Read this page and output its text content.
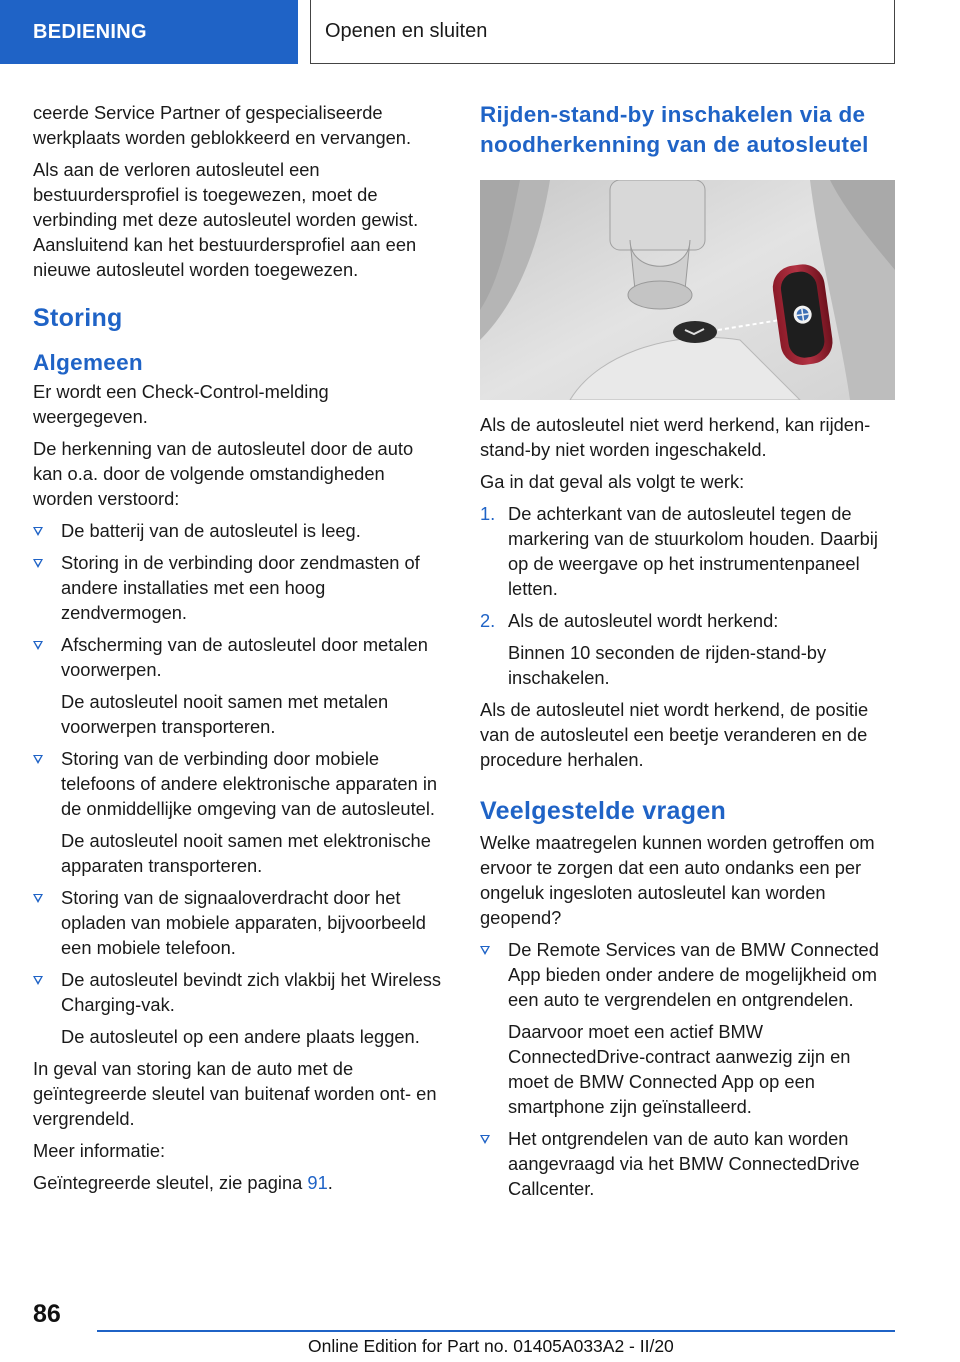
BEDIENING	Openen en sluiten

ceerde Service Partner of gespecialiseerde werkplaats worden geblokkeerd en vervangen.

Als aan de verloren autosleutel een bestuurdersprofiel is toegewezen, moet de verbinding met deze autosleutel worden gewist. Aansluitend kan het bestuurdersprofiel aan een nieuwe autosleutel worden toegewezen.

Storing
Algemeen

Er wordt een Check-Control-melding weergegeven.

De herkenning van de autosleutel door de auto kan o.a. door de volgende omstandigheden worden verstoord:

De batterij van de autosleutel is leeg.
Storing in de verbinding door zendmasten of andere installaties met een hoog zendvermogen.
Afscherming van de autosleutel door metalen voorwerpen.

De autosleutel nooit samen met metalen voorwerpen transporteren.

Storing van de verbinding door mobiele telefoons of andere elektronische apparaten in de onmiddellijke omgeving van de autosleutel.

De autosleutel nooit samen met elektronische apparaten transporteren.

Storing van de signaaloverdracht door het opladen van mobiele apparaten, bijvoorbeeld een mobiele telefoon.
De autosleutel bevindt zich vlakbij het Wireless Charging-vak.

De autosleutel op een andere plaats leggen.

In geval van storing kan de auto met de geïntegreerde sleutel van buitenaf worden ont- en vergrendeld.

Meer informatie:

Geïntegreerde sleutel, zie pagina 91.

Rijden-stand-by inschakelen via de noodherkenning van de autosleutel

Als de autosleutel niet werd herkend, kan rijden-stand-by niet worden ingeschakeld.

Ga in dat geval als volgt te werk:

1. De achterkant van de autosleutel tegen de markering van de stuurkolom houden. Daarbij op de weergave op het instrumentenpaneel letten.
2. Als de autosleutel wordt herkend:

Binnen 10 seconden de rijden-stand-by inschakelen.

Als de autosleutel niet wordt herkend, de positie van de autosleutel een beetje veranderen en de procedure herhalen.

Veelgestelde vragen

Welke maatregelen kunnen worden getroffen om ervoor te zorgen dat een auto ondanks een per ongeluk ingesloten autosleutel kan worden geopend?

De Remote Services van de BMW Connected App bieden onder andere de mogelijkheid om een auto te vergrendelen en ontgrendelen.

Daarvoor moet een actief BMW ConnectedDrive-contract aanwezig zijn en moet de BMW Connected App op een smartphone zijn geïnstalleerd.

Het ontgrendelen van de auto kan worden aangevraagd via het BMW ConnectedDrive Callcenter.
86
Online Edition for Part no. 01405A033A2 - II/20
